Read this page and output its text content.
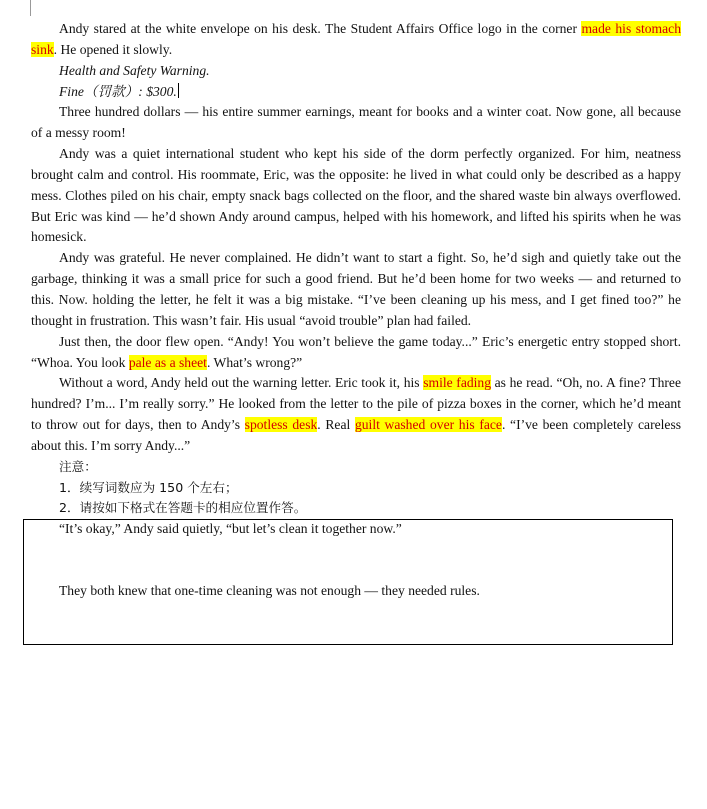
Andy stared at the white envelope on his desk. The Student Affairs Office logo in the corner made his stomach sink. He opened it slowly.

Health and Safety Warning.

Fine（罚款）: $300.

Three hundred dollars — his entire summer earnings, meant for books and a winter coat. Now gone, all because of a messy room!

Andy was a quiet international student who kept his side of the dorm perfectly organized. For him, neatness brought calm and control. His roommate, Eric, was the opposite: he lived in what could only be described as a happy mess. Clothes piled on his chair, empty snack bags collected on the floor, and the shared waste bin always overflowed. But Eric was kind — he’d shown Andy around campus, helped with his homework, and lifted his spirits when he was homesick.

Andy was grateful. He never complained. He didn’t want to start a fight. So, he’d sigh and quietly take out the garbage, thinking it was a small price for such a good friend. But he’d been home for two weeks — and returned to this. Now. holding the letter, he felt it was a big mistake. “I’ve been cleaning up his mess, and I get fined too?” he thought in frustration. This wasn’t fair. His usual “avoid trouble” plan had failed.

Just then, the door flew open. “Andy! You won’t believe the game today...” Eric’s energetic entry stopped short. “Whoa. You look pale as a sheet. What’s wrong?”

Without a word, Andy held out the warning letter. Eric took it, his smile fading as he read. “Oh, no. A fine? Three hundred? I’m... I’m really sorry.” He looked from the letter to the pile of pizza boxes in the corner, which he’d meant to throw out for days, then to Andy’s spotless desk. Real guilt washed over his face. “I’ve been completely careless about this. I’m sorry Andy...”

注意：

1．续写词数应为 150 个左右；

2．请按如下格式在答题卡的相应位置作答。

“It’s okay,” Andy said quietly, “but let’s clean it together now.”

They both knew that one-time cleaning was not enough — they needed rules.
